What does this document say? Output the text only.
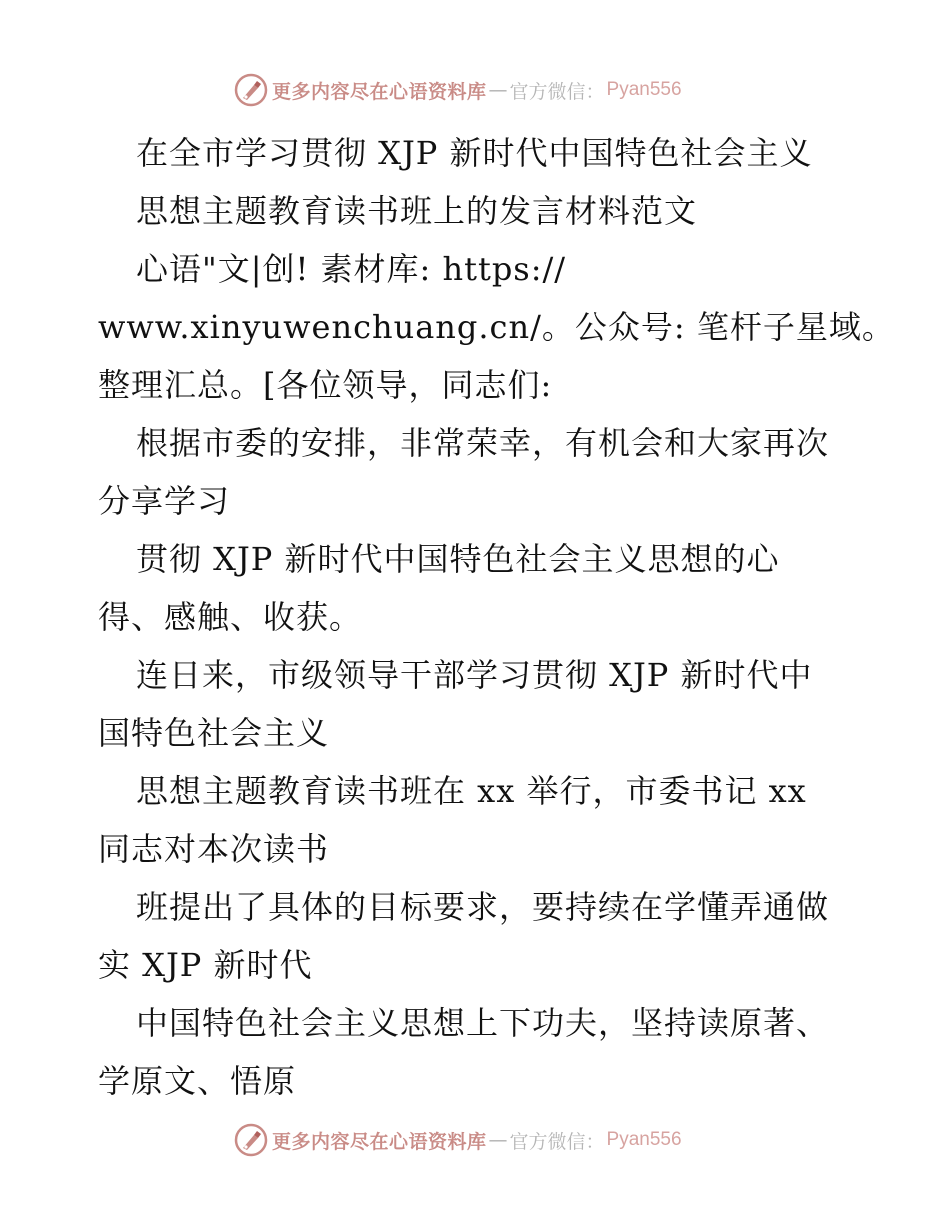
更多内容尽在心语资料库 — 官方微信： Pyan556
在全市学习贯彻 XJP 新时代中国特色社会主义
思想主题教育读书班上的发言材料范文
心语"文|创! 素材库: https://
www.xinyuwenchuang.cn/。公众号: 笔杆子星域。
整理汇总。[各位领导，同志们:
根据市委的安排，非常荣幸，有机会和大家再次
分享学习
贯彻 XJP 新时代中国特色社会主义思想的心
得、感触、收获。
连日来，市级领导干部学习贯彻 XJP 新时代中
国特色社会主义
思想主题教育读书班在 xx 举行，市委书记 xx
同志对本次读书
班提出了具体的目标要求，要持续在学懂弄通做
实 XJP 新时代
中国特色社会主义思想上下功夫，坚持读原著、
学原文、悟原
更多内容尽在心语资料库 — 官方微信： Pyan556
